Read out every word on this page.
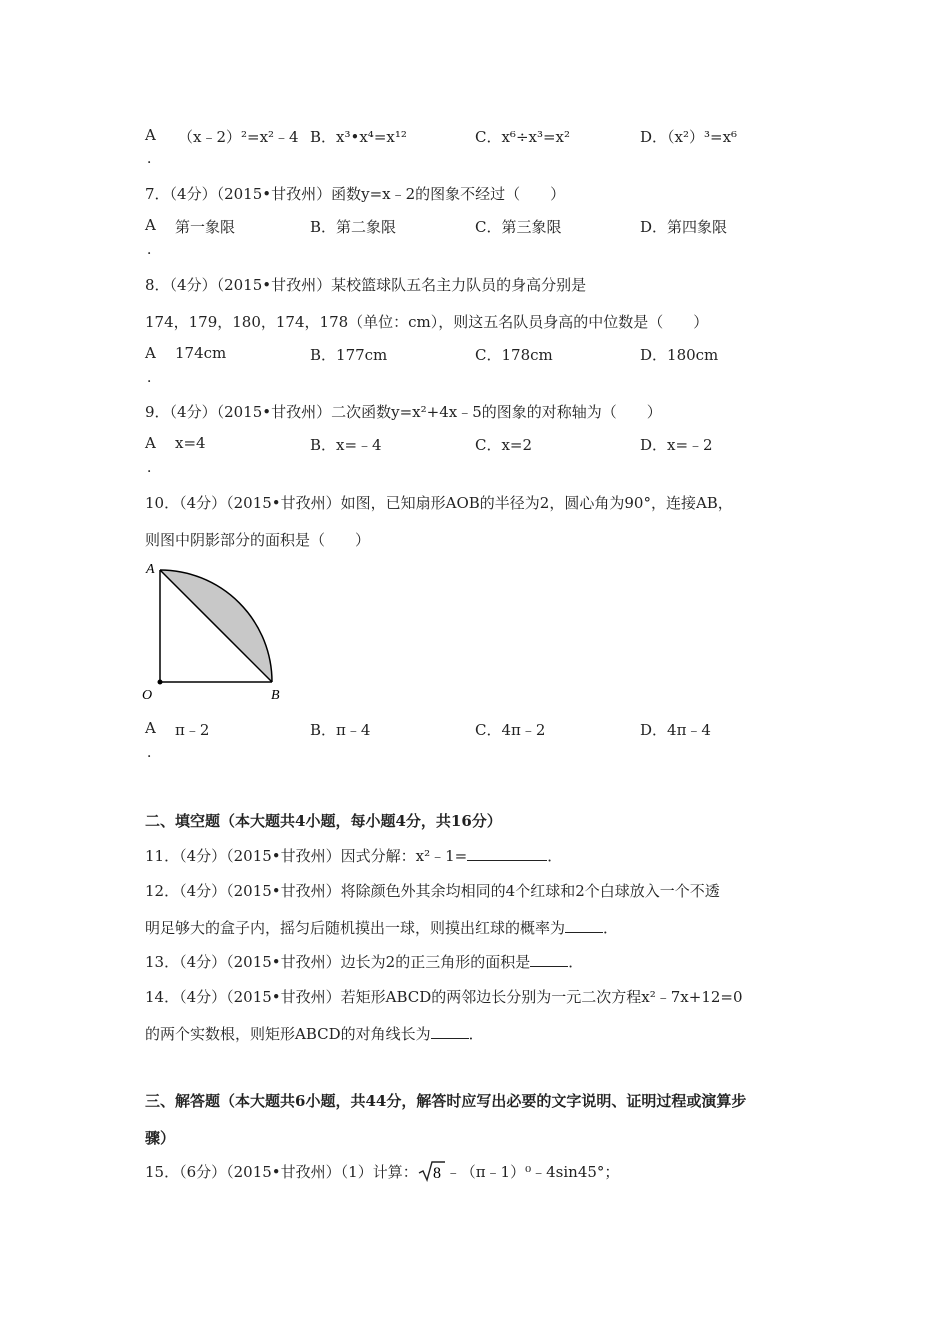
A （x﹣2）²=x²﹣4
．
B．x³•x⁴=x¹²	C．x⁶÷x³=x²	D．（x²）³=x⁶
7．（4分）（2015•甘孜州）函数y=x﹣2的图象不经过（　　）
A 第一象限
．
B．第二象限	C．第三象限	D．第四象限
8．（4分）（2015•甘孜州）某校篮球队五名主力队员的身高分别是
174，179，180，174，178（单位：cm），则这五名队员身高的中位数是（　　）
A 174cm
．
B．177cm	C．178cm	D．180cm
9．（4分）（2015•甘孜州）二次函数y=x²+4x﹣5的图象的对称轴为（　　）
A x=4
．
B．x=﹣4	C．x=2	D．x=﹣2
10．（4分）（2015•甘孜州）如图，已知扇形AOB的半径为2，圆心角为90°，连接AB，
则图中阴影部分的面积是（　　）
A
O	B
A π﹣2
．
B．π﹣4	C．4π﹣2	D．4π﹣4
二、填空题（本大题共4小题，每小题4分，共16分）
11．（4分）（2015•甘孜州）因式分解：x²﹣1=	．
12．（4分）（2015•甘孜州）将除颜色外其余均相同的4个红球和2个白球放入一个不透
明足够大的盒子内，摇匀后随机摸出一球，则摸出红球的概率为	．
13．（4分）（2015•甘孜州）边长为2的正三角形的面积是	．
14．（4分）（2015•甘孜州）若矩形ABCD的两邻边长分别为一元二次方程x²﹣7x+12=0
的两个实数根，则矩形ABCD的对角线长为	．
三、解答题（本大题共6小题，共44分，解答时应写出必要的文字说明、证明过程或演算步
骤）
15．（6分）（2015•甘孜州）（1）计算： 8 ﹣（π﹣1）⁰﹣4sin45°；
